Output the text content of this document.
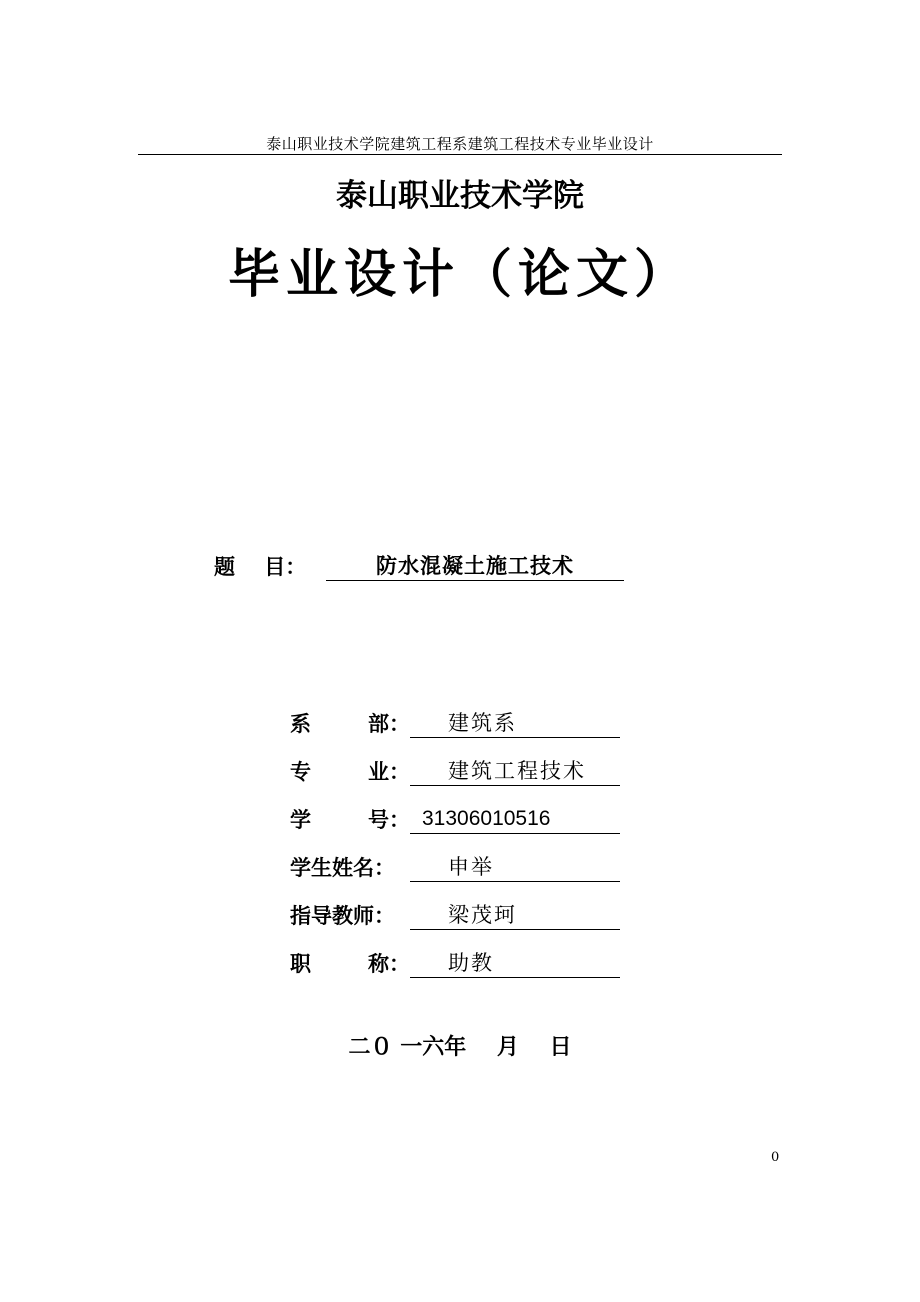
泰山职业技术学院建筑工程系建筑工程技术专业毕业设计
泰山职业技术学院
毕业设计（论文）
题    目：	防水混凝土施工技术
系	部：	建筑系
专	业：	建筑工程技术
学	号： 31306010516
学生姓名：	申举
指导教师：	梁茂珂
职	称：	助教
二０ 一六年    月    日
0
